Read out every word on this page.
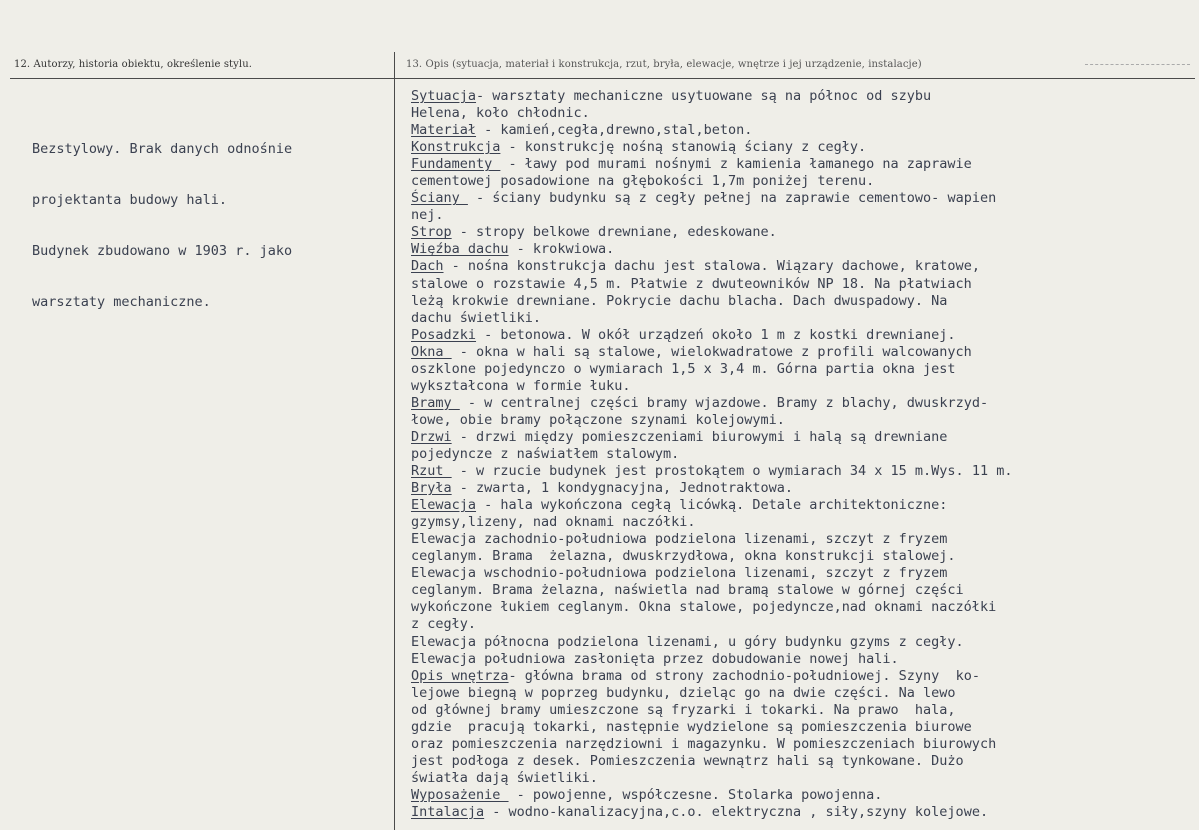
12. Autorzy, historia obiektu, określenie stylu.	13. Opis (sytuacja, materiał i konstrukcja, rzut, bryła, elewacje, wnętrze i jej urządzenie, instalacje)

Bezstylowy. Brak danych odnośnie

projektanta budowy hali.

Budynek zbudowano w 1903 r. jako

warsztaty mechaniczne.

Sytuacja- warsztaty mechaniczne usytuowane są na północ od szybu
Helena, koło chłodnic.
Materiał - kamień,cegła,drewno,stal,beton.
Konstrukcja - konstrukcję nośną stanowią ściany z cegły.
Fundamenty  - ławy pod murami nośnymi z kamienia łamanego na zaprawie
cementowej posadowione na głębokości 1,7m poniżej terenu.
Ściany  - ściany budynku są z cegły pełnej na zaprawie cementowo- wapien
nej.
Strop - stropy belkowe drewniane, edeskowane.
Więźba dachu - krokwiowa.
Dach - nośna konstrukcja dachu jest stalowa. Wiązary dachowe, kratowe,
stalowe o rozstawie 4,5 m. Płatwie z dwuteowników NP 18. Na płatwiach
leżą krokwie drewniane. Pokrycie dachu blacha. Dach dwuspadowy. Na
dachu świetliki.
Posadzki - betonowa. W okół urządzeń około 1 m z kostki drewnianej.
Okna  - okna w hali są stalowe, wielokwadratowe z profili walcowanych
oszklone pojedynczo o wymiarach 1,5 x 3,4 m. Górna partia okna jest
wykształcona w formie łuku.
Bramy  - w centralnej części bramy wjazdowe. Bramy z blachy, dwuskrzyd-
łowe, obie bramy połączone szynami kolejowymi.
Drzwi - drzwi między pomieszczeniami biurowymi i halą są drewniane
pojedyncze z naświatłem stalowym.
Rzut  - w rzucie budynek jest prostokątem o wymiarach 34 x 15 m.Wys. 11 m.
Bryła - zwarta, 1 kondygnacyjna, Jednotraktowa.
Elewacja - hala wykończona cegłą licówką. Detale architektoniczne:
gzymsy,lizeny, nad oknami naczółki.
Elewacja zachodnio-południowa podzielona lizenami, szczyt z fryzem
ceglanym. Brama  żelazna, dwuskrzydłowa, okna konstrukcji stalowej.
Elewacja wschodnio-południowa podzielona lizenami, szczyt z fryzem
ceglanym. Brama żelazna, naświetla nad bramą stalowe w górnej części
wykończone łukiem ceglanym. Okna stalowe, pojedyncze,nad oknami naczółki
z cegły.
Elewacja północna podzielona lizenami, u góry budynku gzyms z cegły.
Elewacja południowa zasłonięta przez dobudowanie nowej hali.
Opis wnętrza- główna brama od strony zachodnio-południowej. Szyny  ko-
lejowe biegną w poprzeg budynku, dzieląc go na dwie części. Na lewo
od głównej bramy umieszczone są fryzarki i tokarki. Na prawo  hala,
gdzie  pracują tokarki, następnie wydzielone są pomieszczenia biurowe
oraz pomieszczenia narzędziowni i magazynku. W pomieszczeniach biurowych
jest podłoga z desek. Pomieszczenia wewnątrz hali są tynkowane. Dużo
światła dają świetliki.
Wyposażenie  - powojenne, współczesne. Stolarka powojenna.
Intalacja - wodno-kanalizacyjna,c.o. elektryczna , siły,szyny kolejowe.
